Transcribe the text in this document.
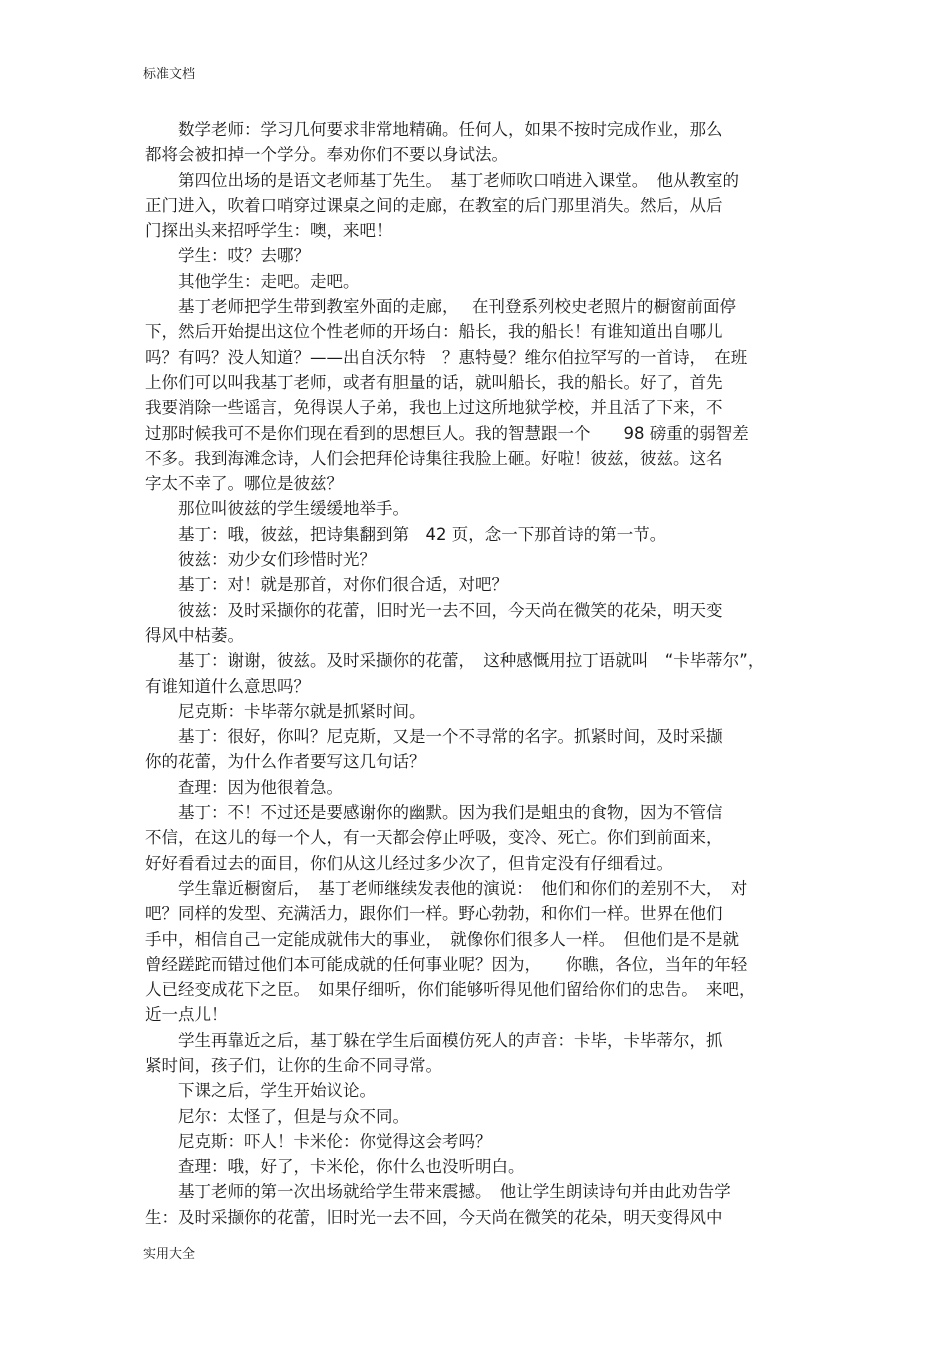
标准文档
　　数学老师：学习几何要求非常地精确。任何人，如果不按时完成作业，那么
都将会被扣掉一个学分。奉劝你们不要以身试法。
　　第四位出场的是语文老师基丁先生。　基丁老师吹口哨进入课堂。　他从教室的
正门进入，吹着口哨穿过课桌之间的走廊，在教室的后门那里消失。然后，从后
门探出头来招呼学生：噢，来吧！
　　学生：哎？去哪？
　　其他学生：走吧。走吧。
　　基丁老师把学生带到教室外面的走廊，　 在刊登系列校史老照片的橱窗前面停
下，然后开始提出这位个性老师的开场白：船长，我的船长！有谁知道出自哪儿
吗？有吗？没人知道？——出自沃尔特　？惠特曼？维尔伯拉罕写的一首诗，　在班
上你们可以叫我基丁老师，或者有胆量的话，就叫船长，我的船长。好了，首先
我要消除一些谣言，免得误人子弟，我也上过这所地狱学校，并且活了下来，不
过那时候我可不是你们现在看到的思想巨人。我的智慧跟一个　　98 磅重的弱智差
不多。我到海滩念诗，人们会把拜伦诗集往我脸上砸。好啦！彼兹，彼兹。这名
字太不幸了。哪位是彼兹？
　　那位叫彼兹的学生缓缓地举手。
　　基丁：哦，彼兹，把诗集翻到第　42 页，念一下那首诗的第一节。
　　彼兹：劝少女们珍惜时光？
　　基丁：对！就是那首，对你们很合适，对吧？
　　彼兹：及时采撷你的花蕾，旧时光一去不回，今天尚在微笑的花朵，明天变
得风中枯萎。
　　基丁：谢谢，彼兹。及时采撷你的花蕾，　这种感慨用拉丁语就叫　“卡毕蒂尔”，
有谁知道什么意思吗？
　　尼克斯：卡毕蒂尔就是抓紧时间。
　　基丁：很好，你叫？尼克斯，又是一个不寻常的名字。抓紧时间，及时采撷
你的花蕾，为什么作者要写这几句话？
　　查理：因为他很着急。
　　基丁：不！不过还是要感谢你的幽默。因为我们是蛆虫的食物，因为不管信
不信，在这儿的每一个人，有一天都会停止呼吸，变冷、死亡。你们到前面来，
好好看看过去的面目，你们从这儿经过多少次了，但肯定没有仔细看过。
　　学生靠近橱窗后，　基丁老师继续发表他的演说：　他们和你们的差别不大，　对
吧？同样的发型、充满活力，跟你们一样。野心勃勃，和你们一样。世界在他们
手中，相信自己一定能成就伟大的事业，　就像你们很多人一样。　但他们是不是就
曾经蹉跎而错过他们本可能成就的任何事业呢？因为，　　你瞧，各位，当年的年轻
人已经变成花下之臣。　如果仔细听，你们能够听得见他们留给你们的忠告。　来吧，
近一点儿！
　　学生再靠近之后，基丁躲在学生后面模仿死人的声音：卡毕，卡毕蒂尔，抓
紧时间，孩子们，让你的生命不同寻常。
　　下课之后，学生开始议论。
　　尼尔：太怪了，但是与众不同。
　　尼克斯：吓人！卡米伦：你觉得这会考吗？
　　查理：哦，好了，卡米伦，你什么也没听明白。
　　基丁老师的第一次出场就给学生带来震撼。　他让学生朗读诗句并由此劝告学
生：及时采撷你的花蕾，旧时光一去不回，今天尚在微笑的花朵，明天变得风中
实用大全
